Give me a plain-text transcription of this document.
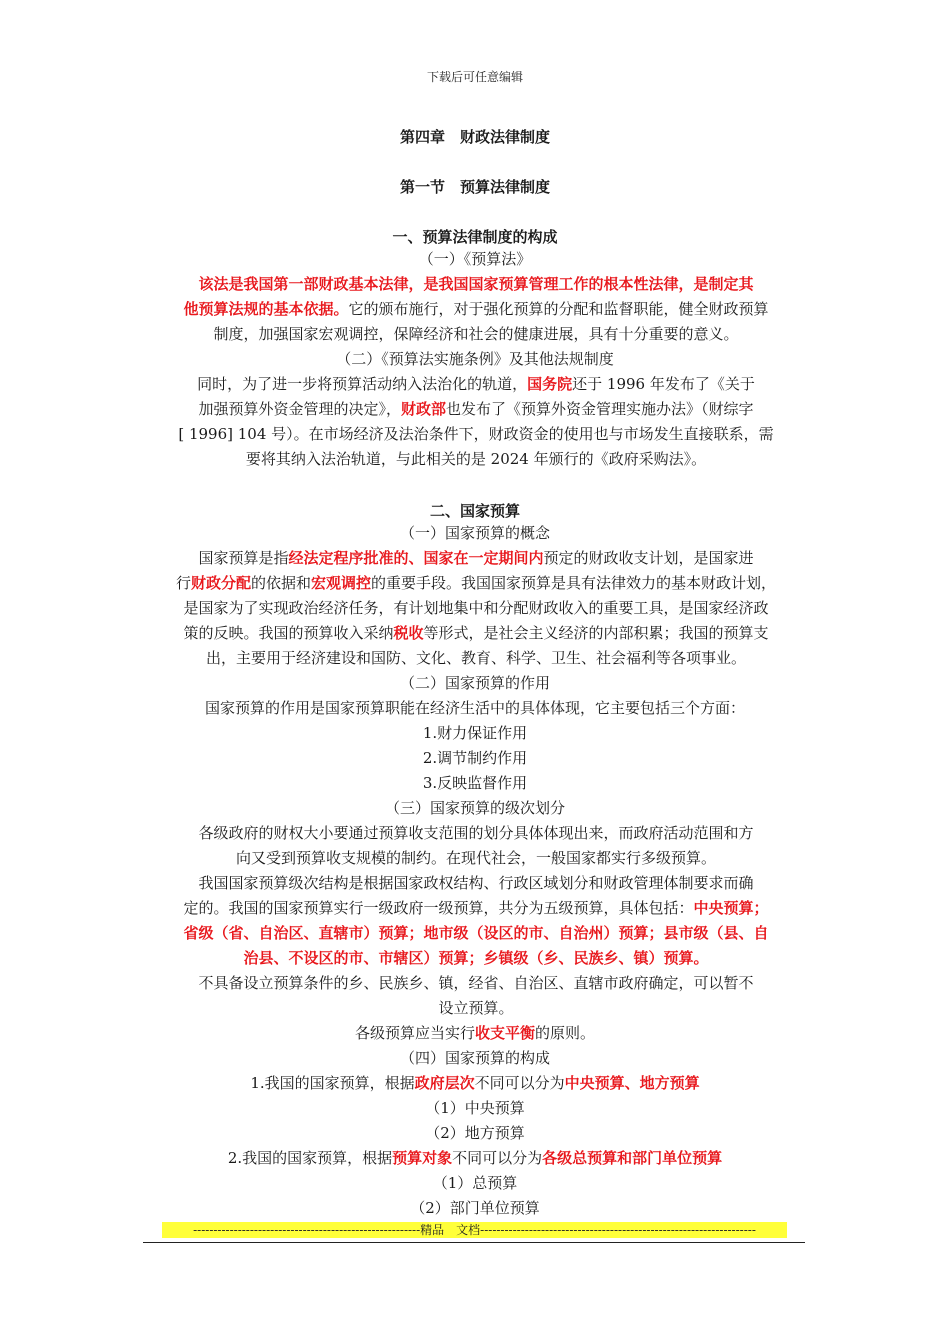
下载后可任意编辑
第四章　财政法律制度
第一节　预算法律制度
一、预算法律制度的构成
（一）《预算法》
该法是我国第一部财政基本法律，是我国国家预算管理工作的根本性法律，是制定其
他预算法规的基本依据。它的颁布施行，对于强化预算的分配和监督职能，健全财政预算
制度，加强国家宏观调控，保障经济和社会的健康进展，具有十分重要的意义。
（二）《预算法实施条例》及其他法规制度
同时，为了进一步将预算活动纳入法治化的轨道，国务院还于 1996 年发布了《关于
加强预算外资金管理的决定》，财政部也发布了《预算外资金管理实施办法》（财综字
[ 1996] 104 号）。在市场经济及法治条件下，财政资金的使用也与市场发生直接联系，需
要将其纳入法治轨道，与此相关的是 2024 年颁行的《政府采购法》。
二、国家预算
（一）国家预算的概念
国家预算是指经法定程序批准的、国家在一定期间内预定的财政收支计划，是国家进
行财政分配的依据和宏观调控的重要手段。我国国家预算是具有法律效力的基本财政计划，
是国家为了实现政治经济任务，有计划地集中和分配财政收入的重要工具，是国家经济政
策的反映。我国的预算收入采纳税收等形式，是社会主义经济的内部积累；我国的预算支
出，主要用于经济建设和国防、文化、教育、科学、卫生、社会福利等各项事业。
（二）国家预算的作用
国家预算的作用是国家预算职能在经济生活中的具体体现，它主要包括三个方面：
1.财力保证作用
2.调节制约作用
3.反映监督作用
（三）国家预算的级次划分
各级政府的财权大小要通过预算收支范围的划分具体体现出来，而政府活动范围和方
向又受到预算收支规模的制约。在现代社会，一般国家都实行多级预算。
我国国家预算级次结构是根据国家政权结构、行政区域划分和财政管理体制要求而确
定的。我国的国家预算实行一级政府一级预算，共分为五级预算，具体包括：中央预算；
省级（省、自治区、直辖市）预算；地市级（设区的市、自治州）预算；县市级（县、自
治县、不设区的市、市辖区）预算；乡镇级（乡、民族乡、镇）预算。
不具备设立预算条件的乡、民族乡、镇，经省、自治区、直辖市政府确定，可以暂不
设立预算。
各级预算应当实行收支平衡的原则。
（四）国家预算的构成
1.我国的国家预算，根据政府层次不同可以分为中央预算、地方预算
（1）中央预算
（2）地方预算
2.我国的国家预算，根据预算对象不同可以分为各级总预算和部门单位预算
（1）总预算
（2）部门单位预算
--------------------------------------------------------精品　文档--------------------------------------------------------------------
